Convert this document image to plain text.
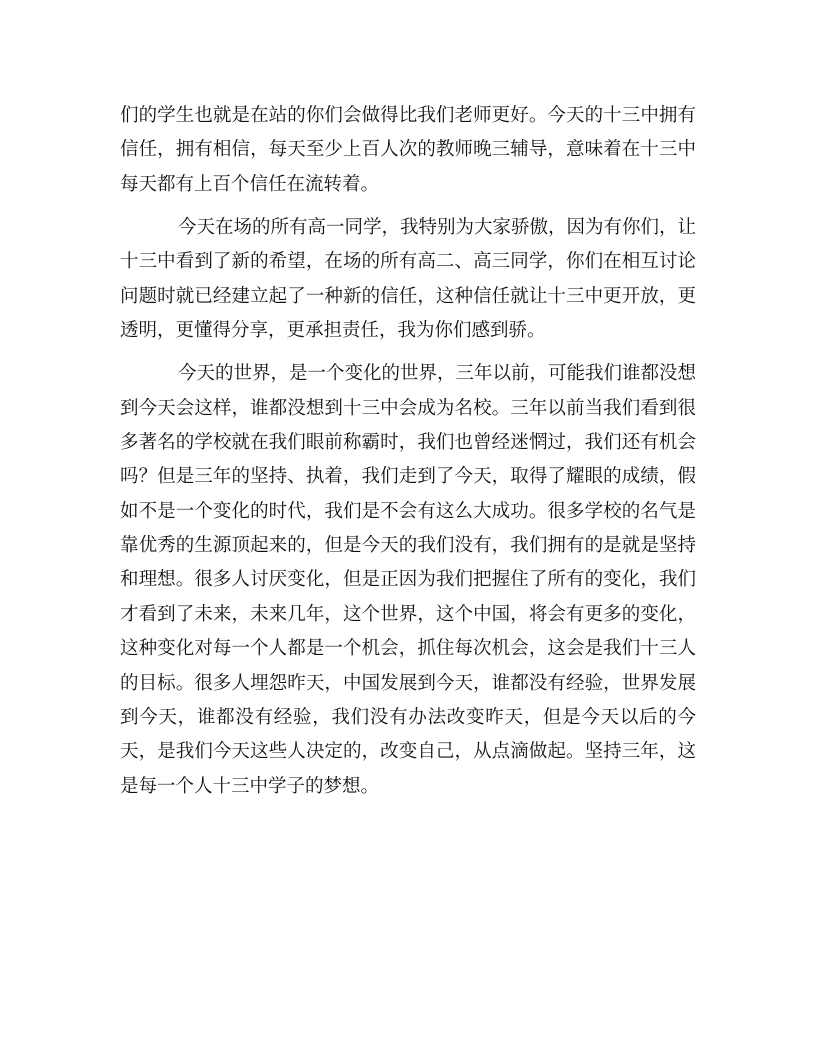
们的学生也就是在站的你们会做得比我们老师更好。今天的十三中拥有信任，拥有相信，每天至少上百人次的教师晚三辅导，意味着在十三中每天都有上百个信任在流转着。

今天在场的所有高一同学，我特别为大家骄傲，因为有你们，让十三中看到了新的希望，在场的所有高二、高三同学，你们在相互讨论问题时就已经建立起了一种新的信任，这种信任就让十三中更开放，更透明，更懂得分享，更承担责任，我为你们感到骄。

今天的世界，是一个变化的世界，三年以前，可能我们谁都没想到今天会这样，谁都没想到十三中会成为名校。三年以前当我们看到很多著名的学校就在我们眼前称霸时，我们也曾经迷惘过，我们还有机会吗？但是三年的坚持、执着，我们走到了今天，取得了耀眼的成绩，假如不是一个变化的时代，我们是不会有这么大成功。很多学校的名气是靠优秀的生源顶起来的，但是今天的我们没有，我们拥有的是就是坚持和理想。很多人讨厌变化，但是正因为我们把握住了所有的变化，我们才看到了未来，未来几年，这个世界，这个中国，将会有更多的变化，这种变化对每一个人都是一个机会，抓住每次机会，这会是我们十三人的目标。很多人埋怨昨天，中国发展到今天，谁都没有经验，世界发展到今天，谁都没有经验，我们没有办法改变昨天，但是今天以后的今天，是我们今天这些人决定的，改变自己，从点滴做起。坚持三年，这是每一个人十三中学子的梦想。
